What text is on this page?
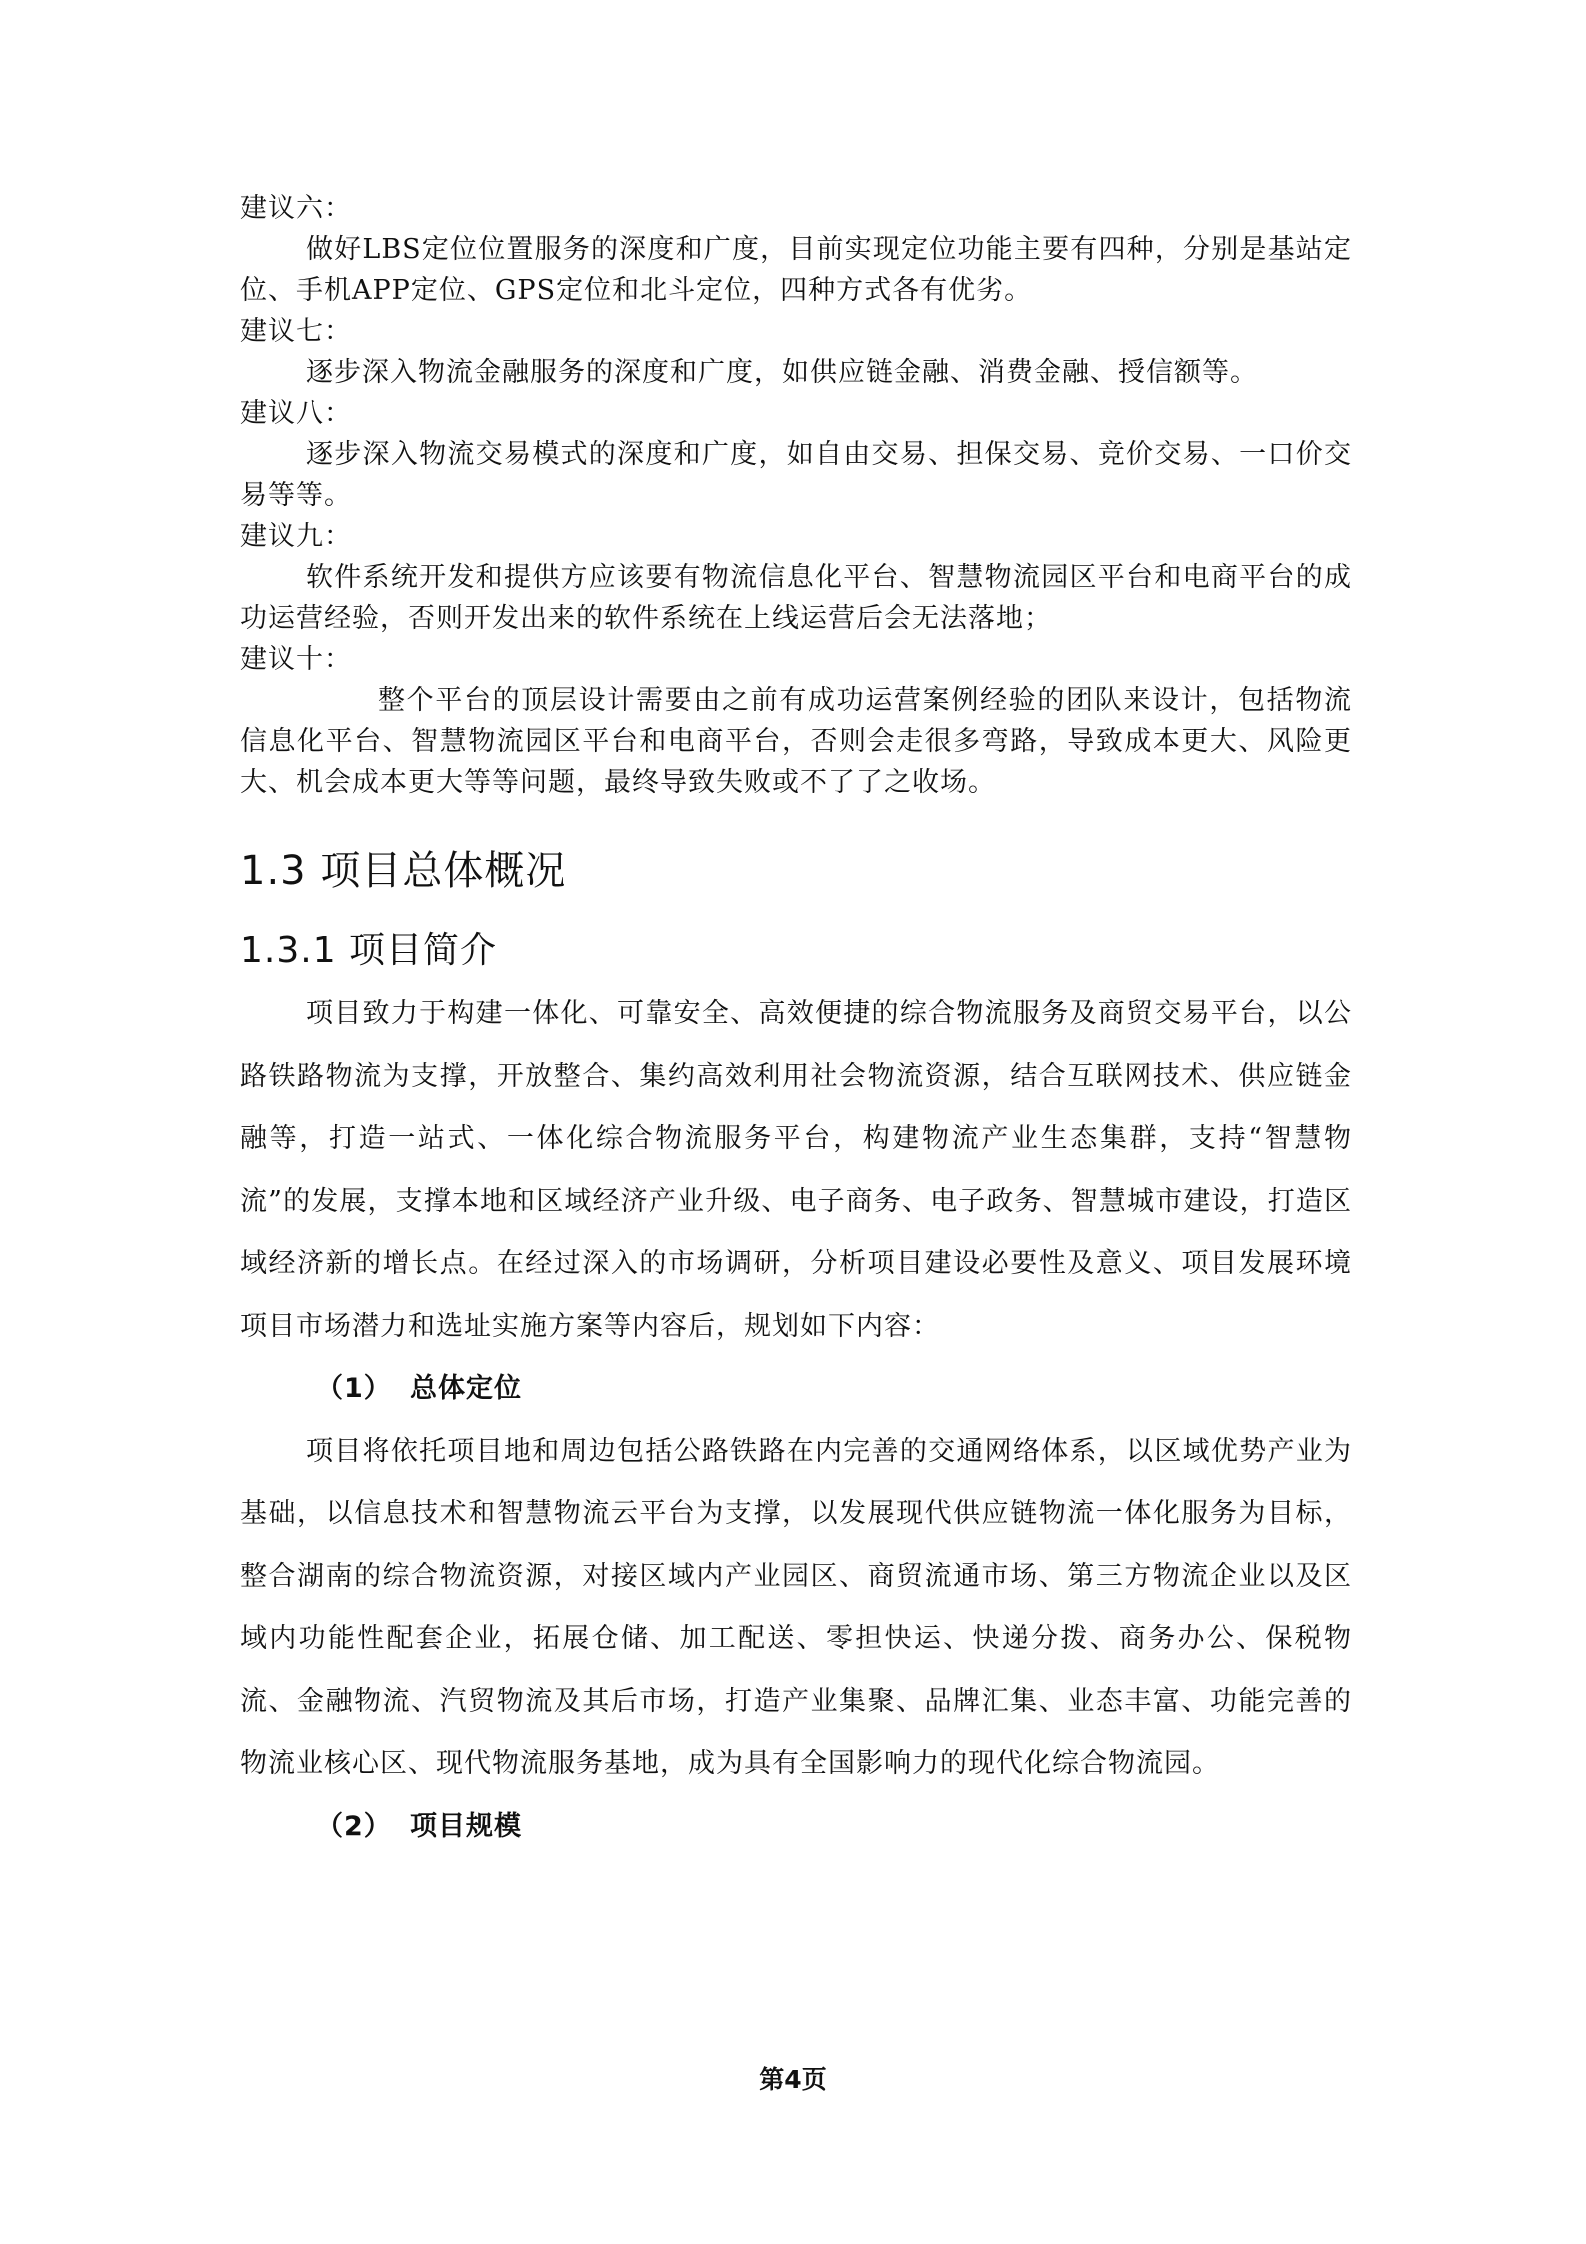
建议六：

做好LBS定位位置服务的深度和广度，目前实现定位功能主要有四种，分别是基站定位、手机APP定位、GPS定位和北斗定位，四种方式各有优劣。

建议七：

逐步深入物流金融服务的深度和广度，如供应链金融、消费金融、授信额等。

建议八：

逐步深入物流交易模式的深度和广度，如自由交易、担保交易、竞价交易、一口价交易等等。

建议九：

软件系统开发和提供方应该要有物流信息化平台、智慧物流园区平台和电商平台的成功运营经验，否则开发出来的软件系统在上线运营后会无法落地；

建议十：

整个平台的顶层设计需要由之前有成功运营案例经验的团队来设计，包括物流信息化平台、智慧物流园区平台和电商平台，否则会走很多弯路，导致成本更大、风险更大、机会成本更大等等问题，最终导致失败或不了了之收场。

1.3 项目总体概况
1.3.1 项目简介

项目致力于构建一体化、可靠安全、高效便捷的综合物流服务及商贸交易平台，以公路铁路物流为支撑，开放整合、集约高效利用社会物流资源，结合互联网技术、供应链金融等，打造一站式、一体化综合物流服务平台，构建物流产业生态集群，支持“智慧物流”的发展，支撑本地和区域经济产业升级、电子商务、电子政务、智慧城市建设，打造区域经济新的增长点。在经过深入的市场调研，分析项目建设必要性及意义、项目发展环境项目市场潜力和选址实施方案等内容后，规划如下内容：

（1） 总体定位

项目将依托项目地和周边包括公路铁路在内完善的交通网络体系，以区域优势产业为基础，以信息技术和智慧物流云平台为支撑，以发展现代供应链物流一体化服务为目标，整合湖南的综合物流资源，对接区域内产业园区、商贸流通市场、第三方物流企业以及区域内功能性配套企业，拓展仓储、加工配送、零担快运、快递分拨、商务办公、保税物流、金融物流、汽贸物流及其后市场，打造产业集聚、品牌汇集、业态丰富、功能完善的物流业核心区、现代物流服务基地，成为具有全国影响力的现代化综合物流园。

（2） 项目规模

第4页
